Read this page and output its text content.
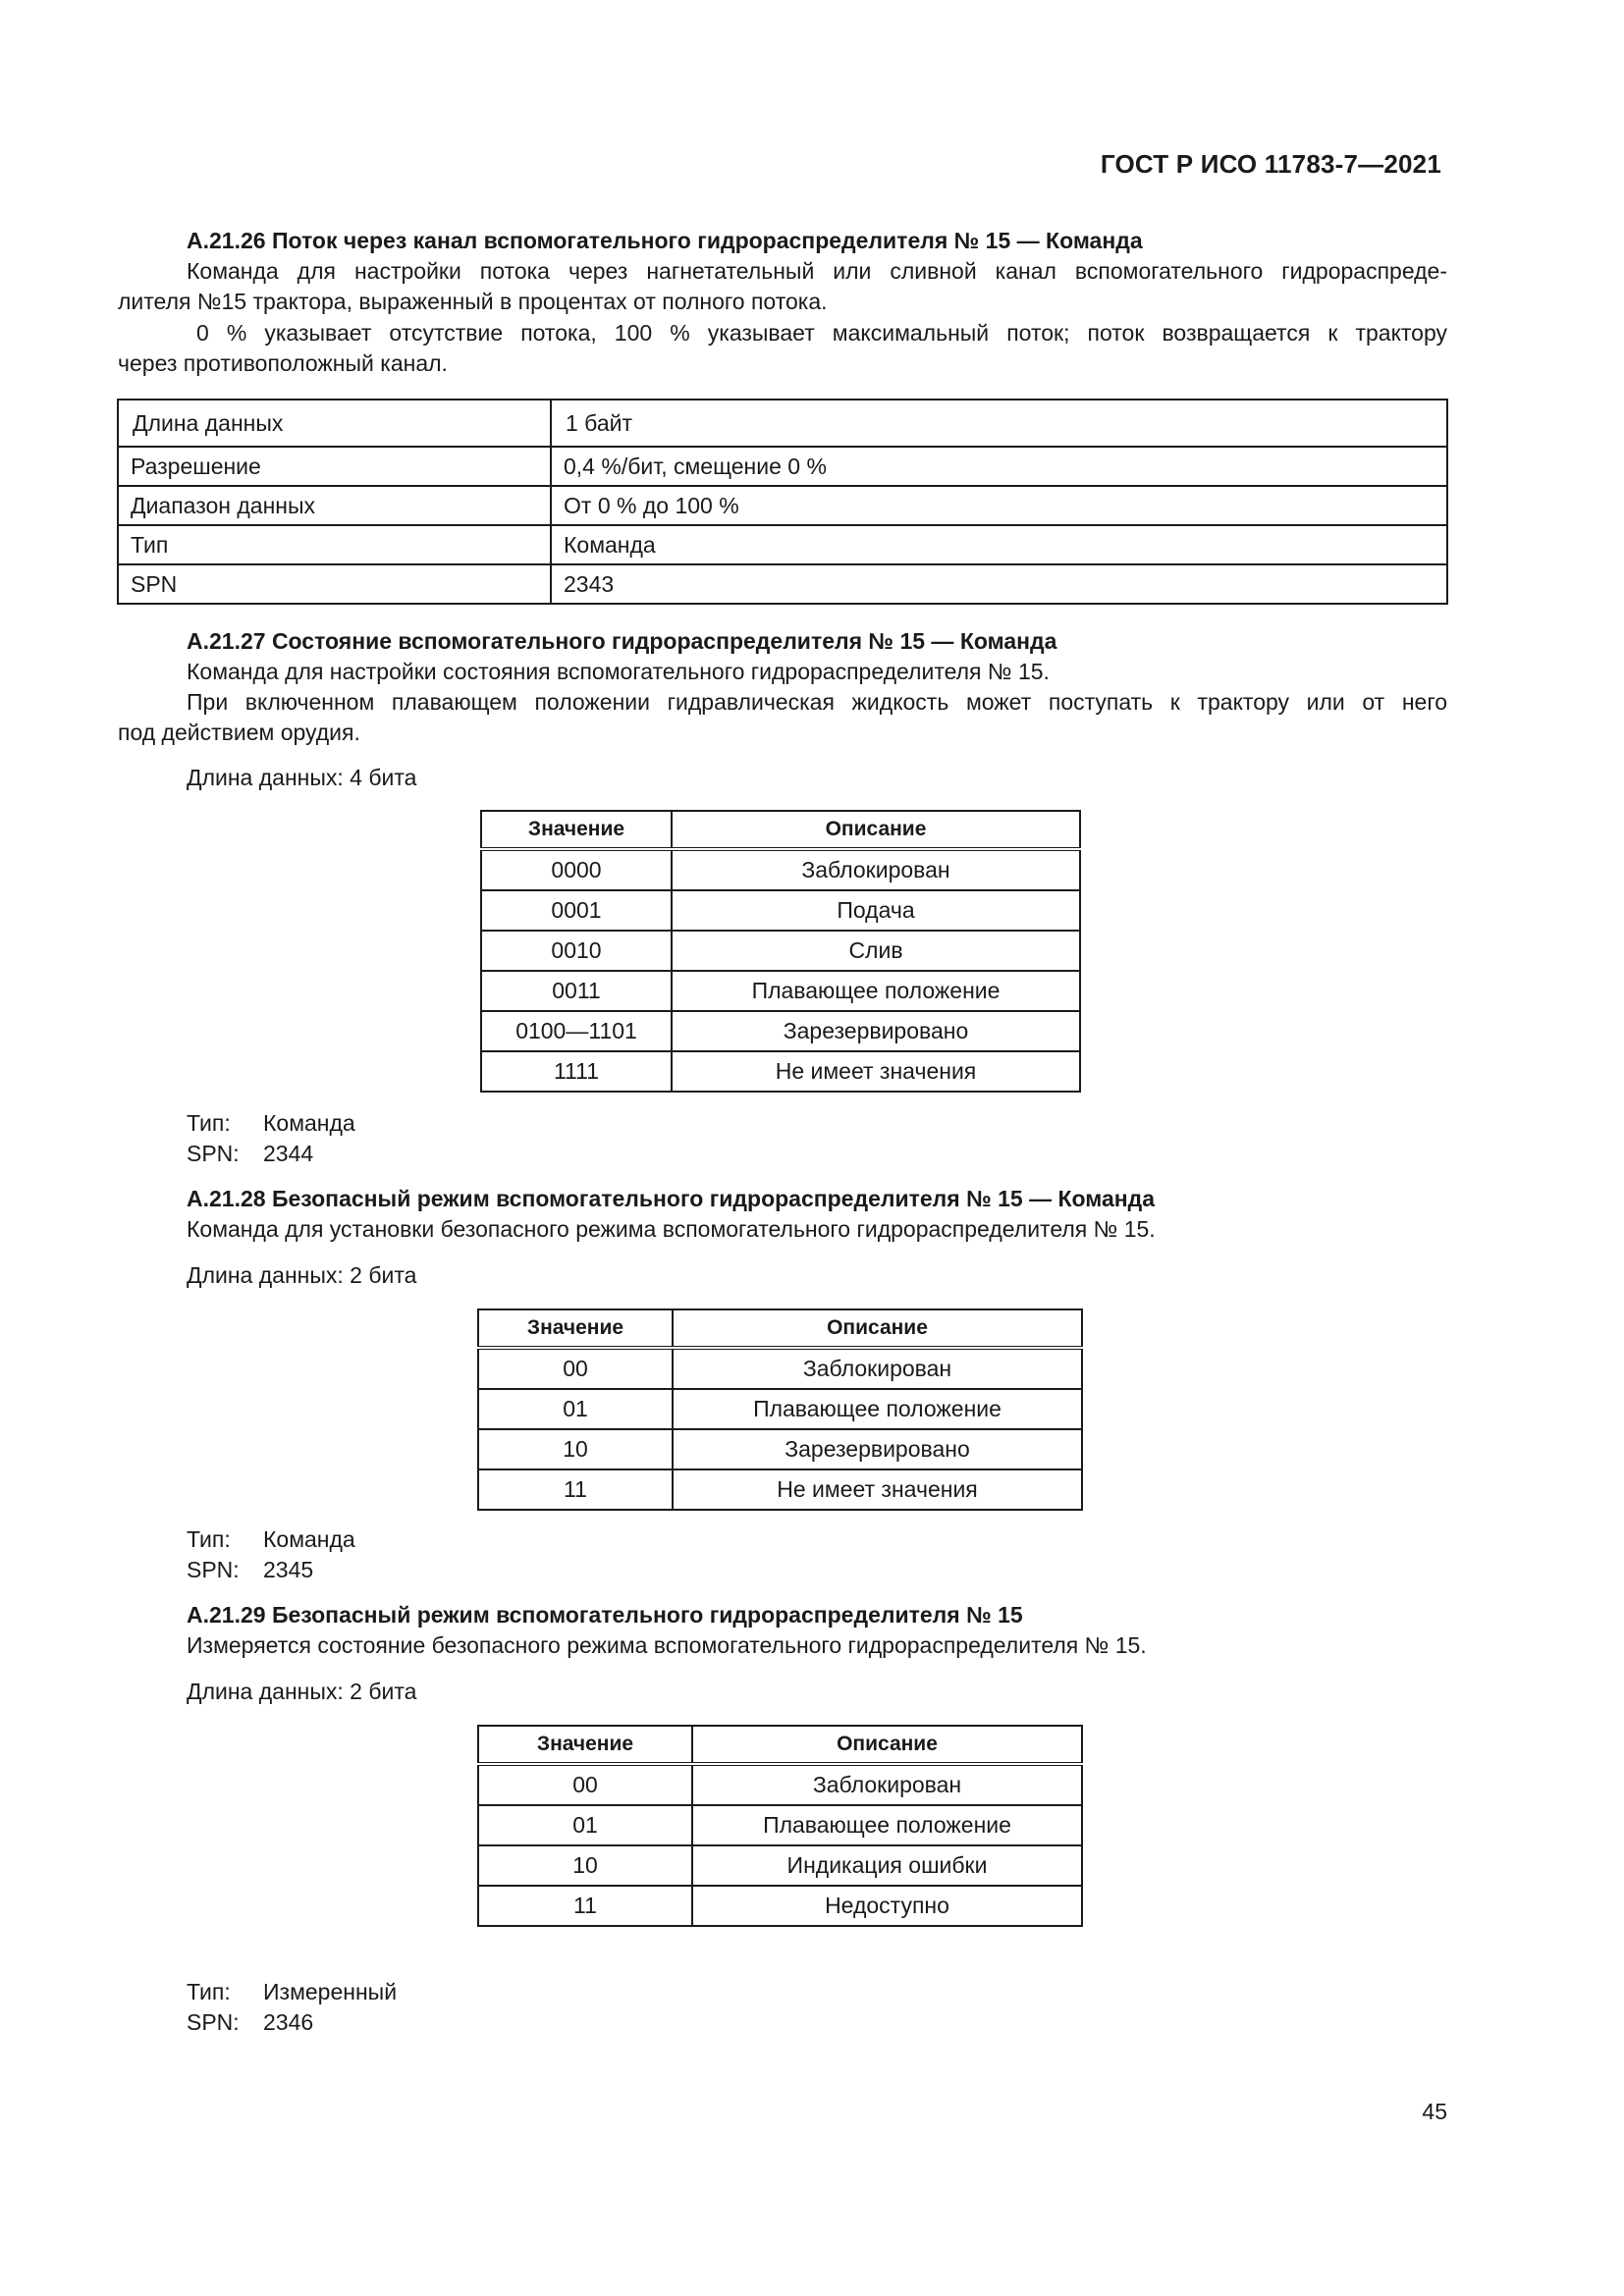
ГОСТ Р ИСО 11783-7—2021
А.21.26 Поток через канал вспомогательного гидрораспределителя № 15 — Команда
Команда для настройки потока через нагнетательный или сливной канал вспомогательного гидрораспреде-
лителя №15 трактора, выраженный в процентах от полного потока.
0 % указывает отсутствие потока, 100 % указывает максимальный поток; поток возвращается к трактору
через противоположный канал.
Длина данных	1 байт
Разрешение	0,4 %/бит, смещение 0 %
Диапазон данных	От 0 % до 100 %
Тип	Команда
SPN	2343
А.21.27 Состояние вспомогательного гидрораспределителя № 15 — Команда
Команда для настройки состояния вспомогательного гидрораспределителя № 15.
При включенном плавающем положении гидравлическая жидкость может поступать к трактору или от него
под действием орудия.
Длина данных: 4 бита
Значение	Описание
0000	Заблокирован
0001	Подача
0010	Слив
0011	Плавающее положение
0100—1101	Зарезервировано
1111	Не имеет значения
Тип: Команда
SPN: 2344
А.21.28 Безопасный режим вспомогательного гидрораспределителя № 15 — Команда
Команда для установки безопасного режима вспомогательного гидрораспределителя № 15.
Длина данных: 2 бита
Значение	Описание
00	Заблокирован
01	Плавающее положение
10	Зарезервировано
11	Не имеет значения
Тип: Команда
SPN: 2345
А.21.29 Безопасный режим вспомогательного гидрораспределителя № 15
Измеряется состояние безопасного режима вспомогательного гидрораспределителя № 15.
Длина данных: 2 бита
Значение	Описание
00	Заблокирован
01	Плавающее положение
10	Индикация ошибки
11	Недоступно
Тип: Измеренный
SPN: 2346
45
